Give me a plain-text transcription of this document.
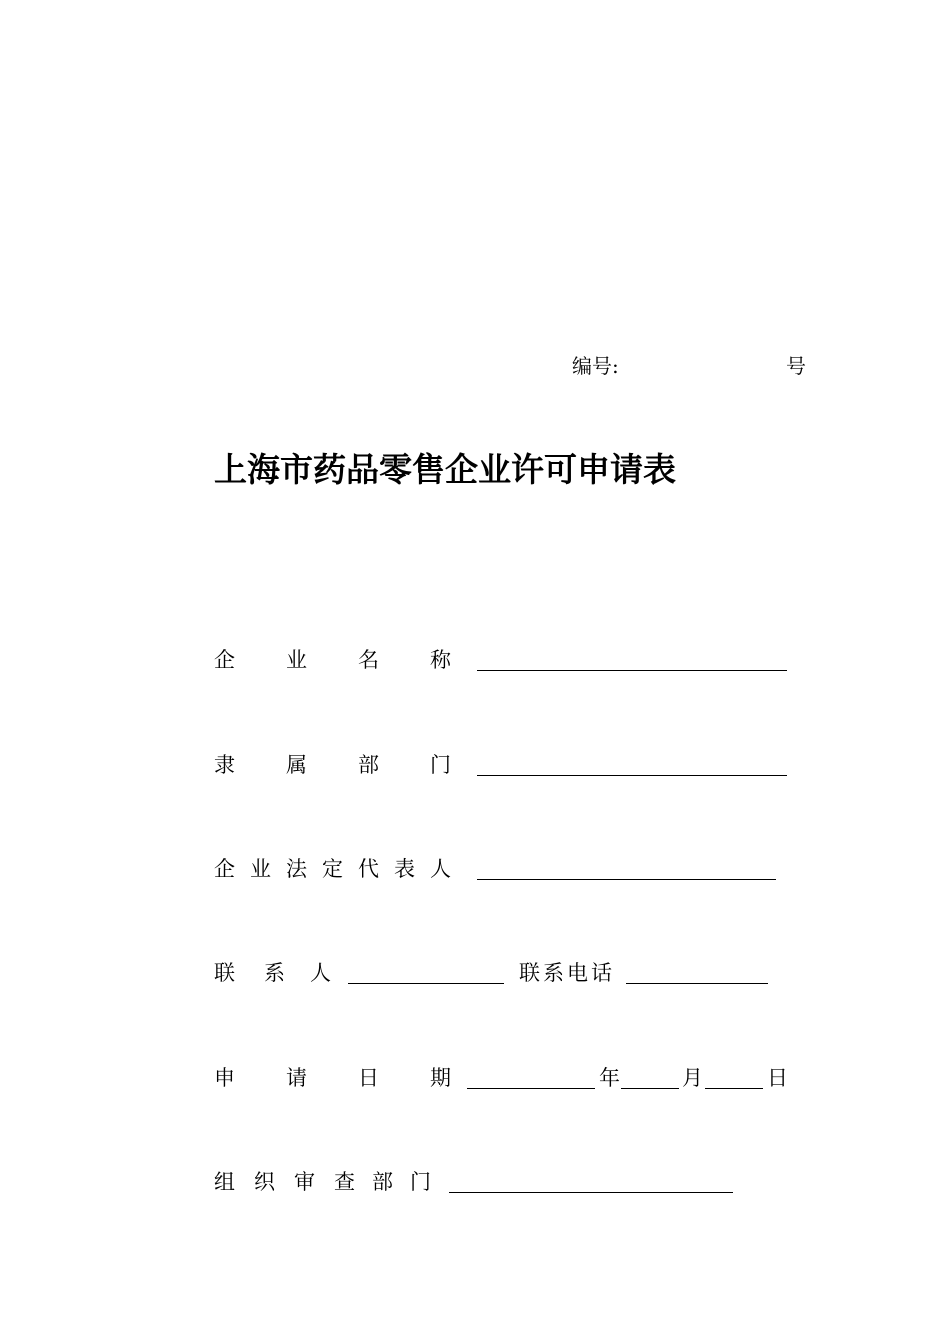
编号:	号
上海市药品零售企业许可申请表
企 业 名 称
隶 属 部 门
企 业 法 定 代 表 人
联 系 人	联系电话
申 请 日 期	年	月	日
组 织 审 查 部 门
